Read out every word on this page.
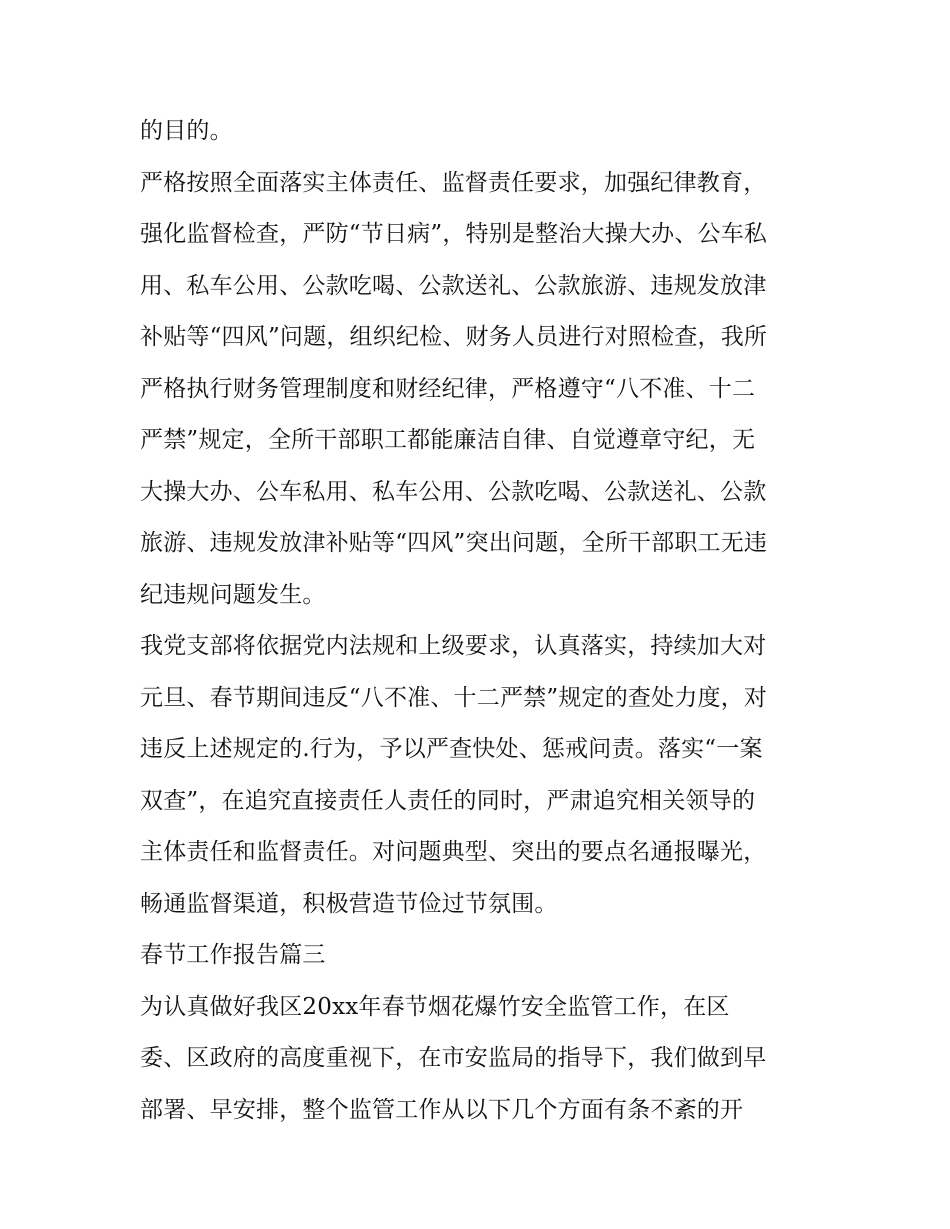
的目的。
严格按照全面落实主体责任、监督责任要求，加强纪律教育，
强化监督检查，严防“节日病”，特别是整治大操大办、公车私
用、私车公用、公款吃喝、公款送礼、公款旅游、违规发放津
补贴等“四风”问题，组织纪检、财务人员进行对照检查，我所
严格执行财务管理制度和财经纪律，严格遵守“八不准、十二
严禁”规定，全所干部职工都能廉洁自律、自觉遵章守纪，无
大操大办、公车私用、私车公用、公款吃喝、公款送礼、公款
旅游、违规发放津补贴等“四风”突出问题，全所干部职工无违
纪违规问题发生。
我党支部将依据党内法规和上级要求，认真落实，持续加大对
元旦、春节期间违反“八不准、十二严禁”规定的查处力度，对
违反上述规定的.行为，予以严查快处、惩戒问责。落实“一案
双查”，在追究直接责任人责任的同时，严肃追究相关领导的
主体责任和监督责任。对问题典型、突出的要点名通报曝光，
畅通监督渠道，积极营造节俭过节氛围。
春节工作报告篇三
为认真做好我区20xx年春节烟花爆竹安全监管工作，在区
委、区政府的高度重视下，在市安监局的指导下，我们做到早
部署、早安排，整个监管工作从以下几个方面有条不紊的开
